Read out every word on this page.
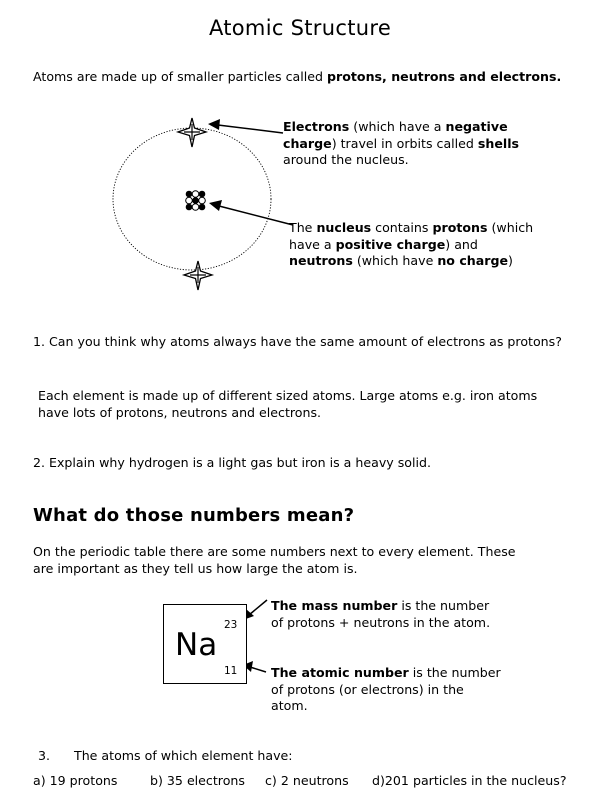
Atomic Structure
Atoms are made up of smaller particles called protons, neutrons and electrons.
Electrons (which have a negative
charge) travel in orbits called shells
around the nucleus.
The nucleus contains protons (which
have a positive charge) and
neutrons (which have no charge)
1. Can you think why atoms always have the same amount of electrons as protons?
Each element is made up of different sized atoms. Large atoms e.g. iron atoms
have lots of protons, neutrons and electrons.
2. Explain why hydrogen is a light gas but iron is a heavy solid.
What do those numbers mean?
On the periodic table there are some numbers next to every element. These
are important as they tell us how large the atom is.
Na
23
11
The mass number is the number
of protons + neutrons in the atom.
The atomic number is the number
of protons (or electrons) in the
atom.
3. The atoms of which element have:
a) 19 protons	b) 35 electrons c) 2 neutrons d)201 particles in the nucleus?
